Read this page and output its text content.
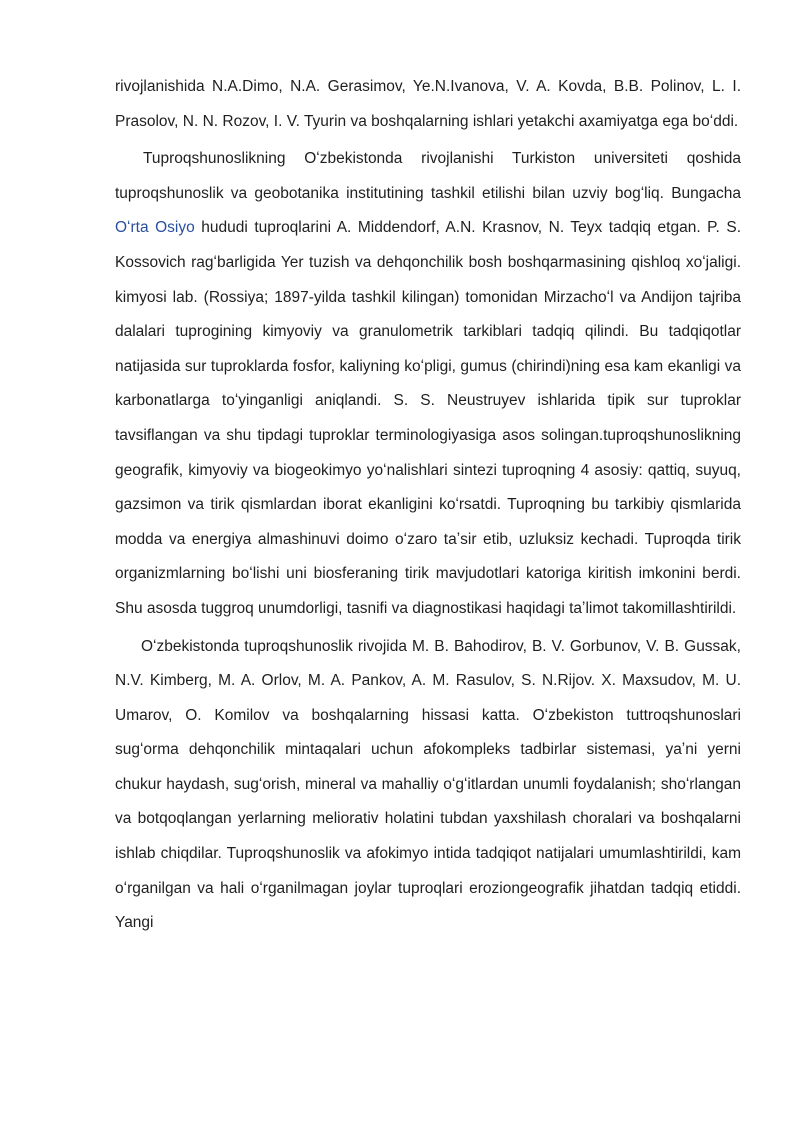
rivojlanishida N.A.Dimo, N.A. Gerasimov, Ye.N.Ivanova, V. A. Kovda, B.B. Polinov, L. I. Prasolov, N. N. Rozov, I. V. Tyurin va boshqalarning ishlari yetakchi axamiyatga ega boʻddi.

Tuproqshunoslikning Oʻzbekistonda rivojlanishi Turkiston universiteti qoshida tuproqshunoslik va geobotanika institutining tashkil etilishi bilan uzviy bogʻliq. Bungacha Oʻrta Osiyo hududi tuproqlarini A. Middendorf, A.N. Krasnov, N. Teyx tadqiq etgan. P. S. Kossovich ragʻbarligida Yer tuzish va dehqonchilik bosh boshqarmasining qishloq xoʻjaligi. kimyosi lab. (Rossiya; 1897-yilda tashkil kilingan) tomonidan Mirzachoʻl va Andijon tajriba dalalari tuprogining kimyoviy va granulometrik tarkiblari tadqiq qilindi. Bu tadqiqotlar natijasida sur tuproklarda fosfor, kaliyning koʻpligi, gumus (chirindi)ning esa kam ekanligi va karbonatlarga toʻyinganligi aniqlandi. S. S. Neustruyev ishlarida tipik sur tuproklar tavsiflangan va shu tipdagi tuproklar terminologiyasiga asos solingan.tuproqshunoslikning geografik, kimyoviy va biogeokimyo yoʻnalishlari sintezi tuproqning 4 asosiy: qattiq, suyuq, gazsimon va tirik qismlardan iborat ekanligini koʻrsatdi. Tuproqning bu tarkibiy qismlarida modda va energiya almashinuvi doimo oʻzaro taʼsir etib, uzluksiz kechadi. Tuproqda tirik organizmlarning boʻlishi uni biosferaning tirik mavjudotlari katoriga kiritish imkonini berdi. Shu asosda tuggroq unumdorligi, tasnifi va diagnostikasi haqidagi taʼlimot takomillashtirildi.

Oʻzbekistonda tuproqshunoslik rivojida M. B. Bahodirov, B. V. Gorbunov, V. B. Gussak, N.V. Kimberg, M. A. Orlov, M. A. Pankov, A. M. Rasulov, S. N.Rijov. X. Maxsudov, M. U. Umarov, O. Komilov va boshqalarning hissasi katta. Oʻzbekiston tuttroqshunoslari sugʻorma dehqonchilik mintaqalari uchun afokompleks tadbirlar sistemasi, yaʼni yerni chukur haydash, sugʻorish, mineral va mahalliy oʻgʻitlardan unumli foydalanish; shoʻrlangan va botqoqlangan yerlarning meliorativ holatini tubdan yaxshilash choralari va boshqalarni ishlab chiqdilar. Tuproqshunoslik va afokimyo intida tadqiqot natijalari umumlashtirildi, kam oʻrganilgan va hali oʻrganilmagan joylar tuproqlari eroziongeografik jihatdan tadqiq etiddi. Yangi
